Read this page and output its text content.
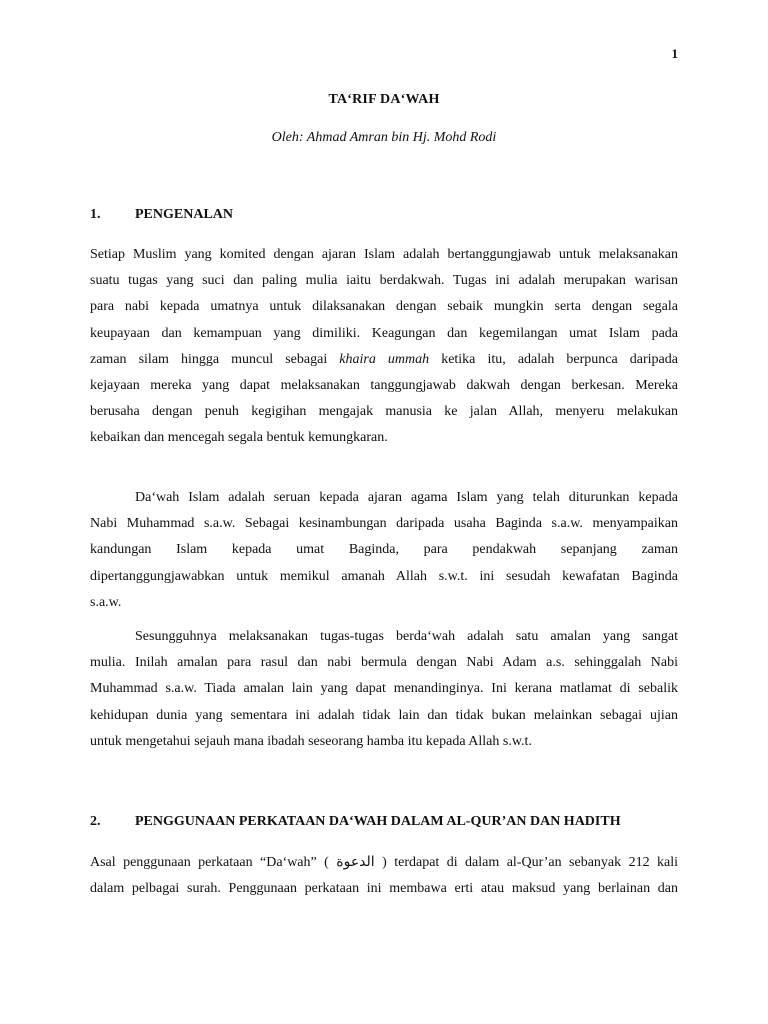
1
TA‘RIF DA‘WAH
Oleh: Ahmad Amran bin Hj. Mohd Rodi
1. PENGENALAN
Setiap Muslim yang komited dengan ajaran Islam adalah bertanggungjawab untuk melaksanakan
suatu tugas yang suci dan paling mulia iaitu berdakwah. Tugas ini adalah merupakan warisan
para nabi kepada umatnya untuk dilaksanakan dengan sebaik mungkin serta dengan segala
keupayaan dan kemampuan yang dimiliki. Keagungan dan kegemilangan umat Islam pada
zaman silam hingga muncul sebagai khaira ummah ketika itu, adalah berpunca daripada
kejayaan mereka yang dapat melaksanakan tanggungjawab dakwah dengan berkesan. Mereka
berusaha dengan penuh kegigihan mengajak manusia ke jalan Allah, menyeru melakukan
kebaikan dan mencegah segala bentuk kemungkaran.
Da‘wah Islam adalah seruan kepada ajaran agama Islam yang telah diturunkan kepada
Nabi Muhammad s.a.w. Sebagai kesinambungan daripada usaha Baginda s.a.w. menyampaikan
kandungan Islam kepada umat Baginda, para pendakwah sepanjang zaman
dipertanggungjawabkan untuk memikul amanah Allah s.w.t. ini sesudah kewafatan Baginda
s.a.w.
Sesungguhnya melaksanakan tugas-tugas berda‘wah adalah satu amalan yang sangat
mulia. Inilah amalan para rasul dan nabi bermula dengan Nabi Adam a.s. sehinggalah Nabi
Muhammad s.a.w. Tiada amalan lain yang dapat menandinginya. Ini kerana matlamat di sebalik
kehidupan dunia yang sementara ini adalah tidak lain dan tidak bukan melainkan sebagai ujian
untuk mengetahui sejauh mana ibadah seseorang hamba itu kepada Allah s.w.t.
2. PENGGUNAAN PERKATAAN DA‘WAH DALAM AL-QUR’AN DAN HADITH
Asal penggunaan perkataan “Da‘wah” ( الدعوة ) terdapat di dalam al-Qur’an sebanyak 212 kali
dalam pelbagai surah. Penggunaan perkataan ini membawa erti atau maksud yang berlainan dan
